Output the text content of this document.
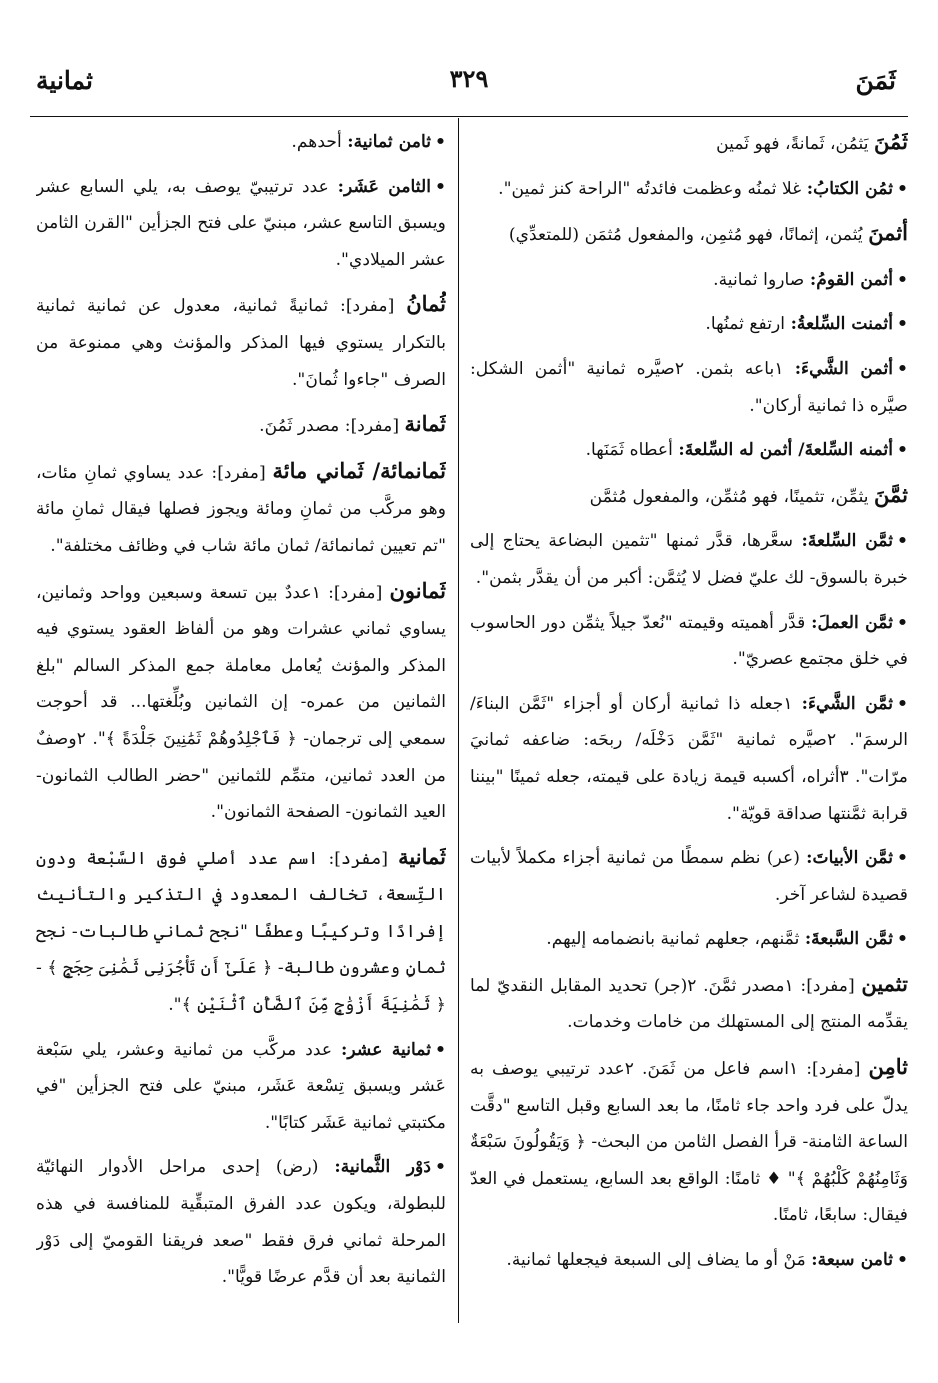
ثَمَنَ
٣٢٩
ثمانية

ثَمُنَ يَثمُن، ثَمانةً، فهو ثَمين

•ثمُن الكتابُ: غلا ثمنُه وعظمت فائدتُه "الراحة كنز ثمين".

أثمنَ يُثمن، إثمانًا، فهو مُثمِن، والمفعول مُثمَن (للمتعدِّي)

•أثمن القومُ: صاروا ثمانية.

•أثمنت السِّلعةُ: ارتفع ثمنُها.

•أثمن الشَّيءَ: ١باعه بثمن. ٢صيَّره ثمانية "أثمن الشكل: صيَّره ذا ثمانية أركان".

•أثمنه السِّلعةَ/ أثمن له السِّلعةَ: أعطاه ثَمَنَها.

ثمَّنَ يثمِّن، تثمينًا، فهو مُثمِّن، والمفعول مُثمَّن

•ثمَّن السِّلعةَ: سعَّرها، قدَّر ثمنها "تثمين البضاعة يحتاج إلى خبرة بالسوق- لك عليّ فضل لا يُثمَّن: أكبر من أن يقدَّر بثمن".

•ثمَّن العملَ: قدَّر أهميته وقيمته "نُعدّ جيلاً يثمِّن دور الحاسوب في خلق مجتمع عصريّ".

•ثمَّن الشَّيءَ: ١جعله ذا ثمانية أركان أو أجزاء "ثَمَّن البناءَ/ الرسمَ". ٢صيَّره ثمانية "ثَمَّن دَخْلَه/ ربحَه: ضاعفه ثمانيَ مرّات". ٣أثراه، أكسبه قيمة زيادة على قيمته، جعله ثمينًا "بيننا قرابة ثمَّنتها صداقة قويّة".

•ثمَّن الأبياتَ: (عر) نظم سمطًا من ثمانية أجزاء مكملاً لأبيات قصيدة لشاعر آخر.

•ثمَّن السَّبعةَ: ثمَّنهم، جعلهم ثمانية بانضمامه إليهم.

تثمين [مفرد]: ١مصدر ثمَّنَ. ٢(جر) تحديد المقابل النقديّ لما يقدِّمه المنتج إلى المستهلك من خامات وخدمات.

ثامِن [مفرد]: ١اسم فاعل من ثَمَنَ. ٢عدد ترتيبي يوصف به يدلّ على فرد واحد جاء ثامنًا، ما بعد السابع وقبل التاسع "دقَّت الساعة الثامنة- قرأ الفصل الثامن من البحث- ﴿ وَيَقُولُونَ سَبْعَةٌ وَثَامِنُهُمْ كَلْبُهُمْ ﴾" ♦ ثامنًا: الواقع بعد السابع، يستعمل في العدّ فيقال: سابعًا، ثامنًا.

•ثامن سبعة: مَنْ أو ما يضاف إلى السبعة فيجعلها ثمانية.

•ثامن ثمانية: أحدهم.

•الثامن عَشَر: عدد ترتيبيّ يوصف به، يلي السابع عشر ويسبق التاسع عشر، مبنيّ على فتح الجزأين "القرن الثامن عشر الميلادي".

ثُمانُ [مفرد]: ثمانيةً ثمانية، معدول عن ثمانية ثمانية بالتكرار يستوي فيها المذكر والمؤنث وهي ممنوعة من الصرف "جاءوا ثُمانَ".

ثَمانة [مفرد]: مصدر ثَمُنَ.

ثَمانمائة/ ثَماني مائة [مفرد]: عدد يساوي ثمانِ مئات، وهو مركَّب من ثمانِ ومائة ويجوز فصلها فيقال ثمانِ مائة "تم تعيين ثمانمائة/ ثمان مائة شاب في وظائف مختلفة".

ثَمانون [مفرد]: ١عددٌ بين تسعة وسبعين وواحد وثمانين، يساوي ثماني عشرات وهو من ألفاظ العقود يستوي فيه المذكر والمؤنث يُعامل معاملة جمع المذكر السالم "بلغ الثمانين من عمره- إن الثمانين وبُلِّغتها... قد أحوجت سمعي إلى ترجمان- ﴿ فَٱجْلِدُوهُمْ ثَمَٰنِينَ جَلْدَةً ﴾". ٢وصفٌ من العدد ثمانين، متمِّم للثمانين "حضر الطالب الثمانون- العيد الثمانون- الصفحة الثمانون".

ثَمانية [مفرد]: اسم عدد أصلي فوق السَّبْعة ودون التِّسعة، تخالف المعدود في التذكير والتأنيث إفرادًا وتركيبًا وعطفًا "نجح ثماني طالبات- نجح ثمانٍ وعشرون طالبة- ﴿ عَلَىٰٓ أَن تَأْجُرَنِى ثَمَٰنِىَ حِجَجٍ ﴾ - ﴿ ثَمَٰنِيَةَ أَزْوَٰجٍ مِّنَ ٱلضَّأْنِ ٱثْنَيْنِ ﴾".

•ثمانية عشر: عدد مركَّب من ثمانية وعشر، يلي سَبْعة عَشر ويسبق تِسْعة عَشَر، مبنيّ على فتح الجزأين "في مكتبتي ثمانية عَشَر كتابًا".

•دَوْر الثَّمانية: (رض) إحدى مراحل الأدوار النهائيّة للبطولة، ويكون عدد الفرق المتبقِّية للمنافسة في هذه المرحلة ثماني فرق فقط "صعد فريقنا القوميّ إلى دَوْر الثمانية بعد أن قدَّم عرضًا قويًّا".
